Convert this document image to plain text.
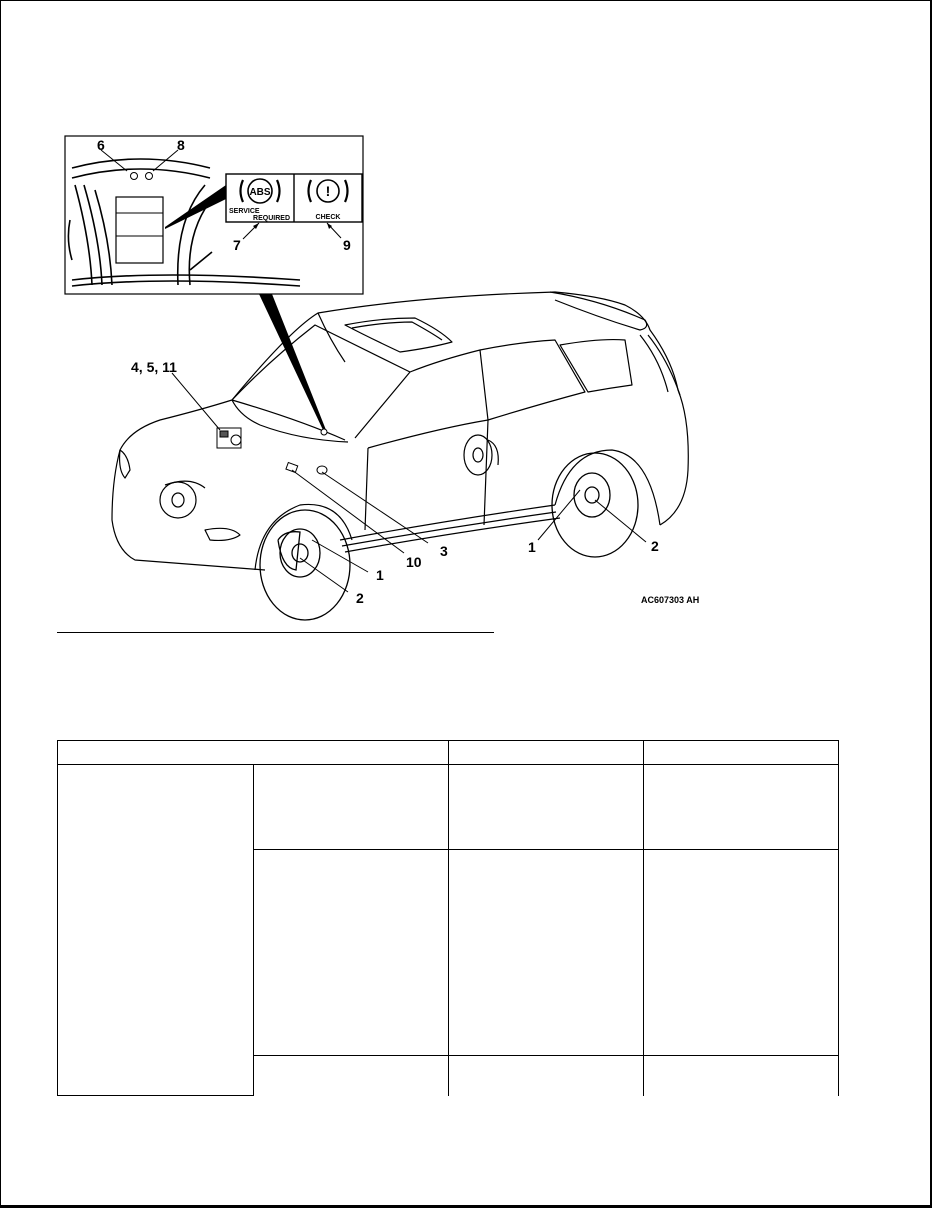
6	8
ABS
SERVICE
REQUIRED
!
CHECK
7	9
4, 5, 11
10
3
1
2
1	2
AC607303 AH
